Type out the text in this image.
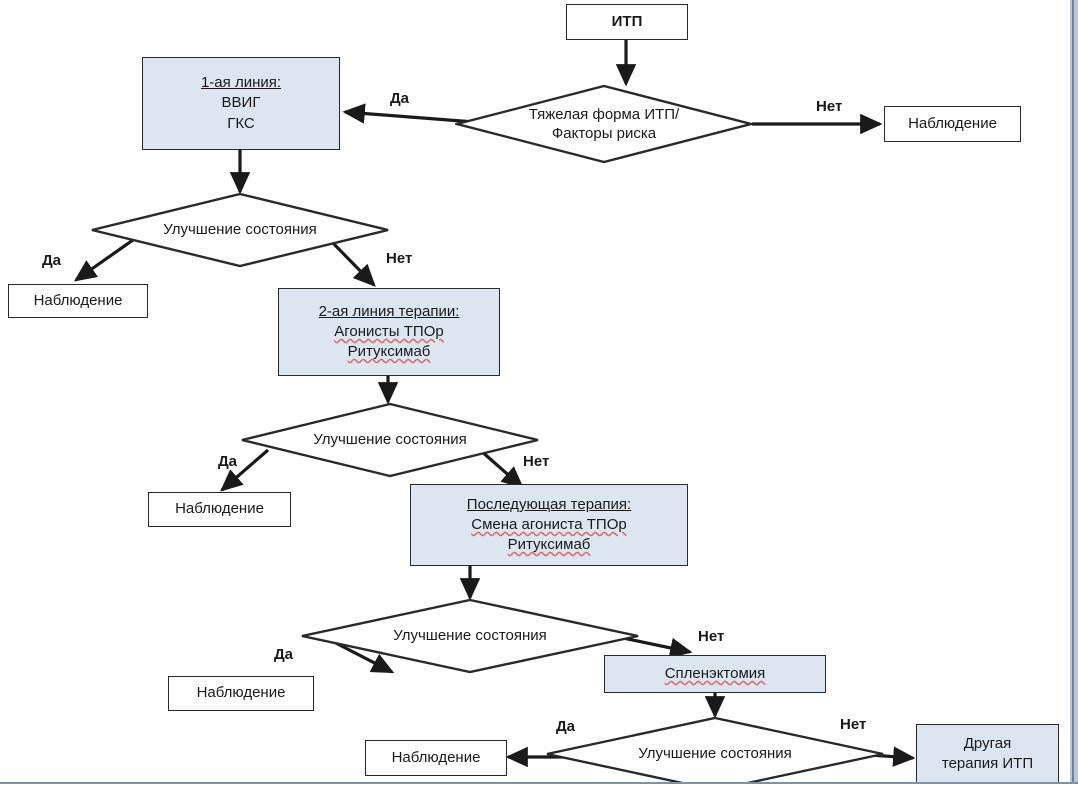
ИТП
Тяжелая форма ИТП/
Факторы риска
Наблюдение
1-ая линия:
ВВИГ
ГКС
Улучшение состояния
Наблюдение
2-ая линия терапии:
Агонисты ТПОр
Ритуксимаб
Улучшение состояния
Наблюдение	Последующая терапия:
Смена агониста ТПОр
Ритуксимаб
Улучшение состояния
Наблюдение
Спленэктомия
Улучшение состояния
Наблюдение
Другая
терапия ИТП
Да	Нет
Да	Нет
Да	Нет
Да
Нет
Да	Нет
